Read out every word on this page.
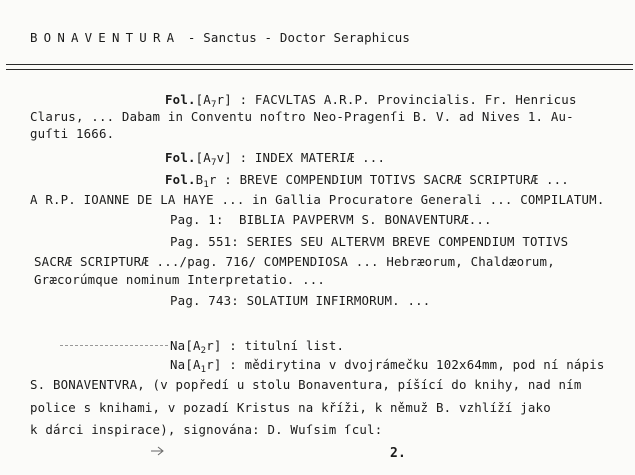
BONAVENTURA - Sanctus - Doctor Seraphicus
$Fol.[A_7r]$ : FACVLTAS A.R.P. Provincialis. Fr. Henricus
Clarus, ... Dabam in Conventu noſtro Neo-Pragenſi B. V. ad Nives 1. Au-
guſti 1666.
$Fol.[A_7v]$ : INDEX MATERIÆ ...
$Fol.B_1r$ : BREVE COMPENDIUM TOTIVS SACRÆ SCRIPTURÆ ...
A R.P. IOANNE DE LA HAYE ... in Gallia Procuratore Generali ... COMPILATUM.
Pag. 1:  BIBLIA PAVPERVM S. BONAVENTURÆ...
Pag. 551: SERIES SEU ALTERVM BREVE COMPENDIUM TOTIVS
SACRÆ SCRIPTURÆ .../pag. 716/ COMPENDIOSA ... Hebræorum, Chaldæorum,
Græcorúmque nominum Interpretatio. ...
Pag. 743: SOLATIUM INFIRMORUM. ...
$Na[A_2r]$ : titulní list.
$Na[A_1r]$ : mědirytina v dvojrámečku 102x64mm, pod ní nápis
S. BONAVENTVRA, (v popředí u stolu Bonaventura, píšící do knihy, nad ním
police s knihami, v pozadí Kristus na kříži, k němuž B. vzhlíží jako
k dárci inspirace), signována: D. Wuſsim ſcul:
2.
